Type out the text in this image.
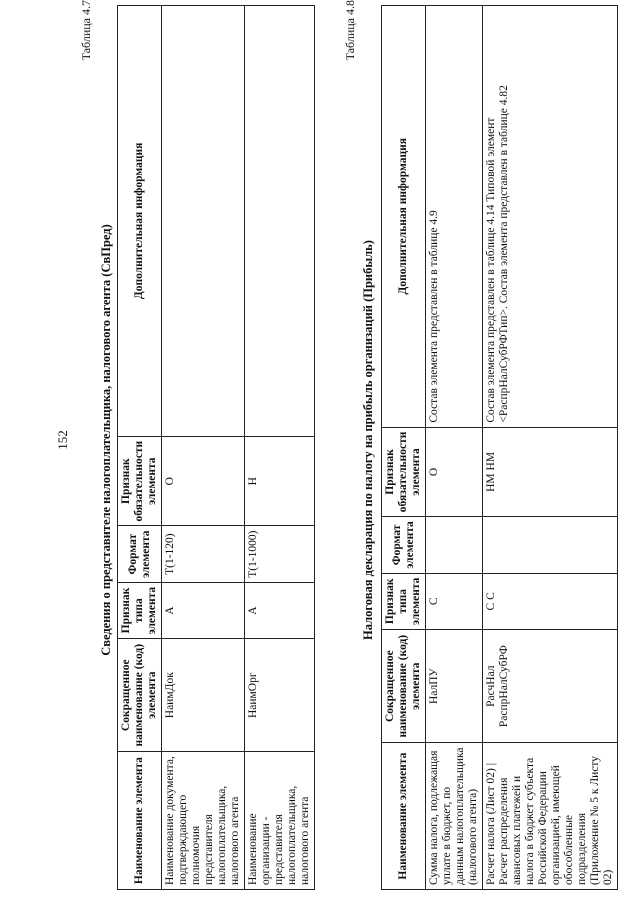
152
Таблица 4.7
Сведения о представителе налогоплательщика, налогового агента (СвПред)
Наименование элемента	Сокращенное наименование (код) элемента	Признак типа элемента	Формат элемента	Признак обязательности элемента	Дополнительная информация
Наименование документа, подтверждающего полномочия представителя налогоплательщика, налогового агента	НаимДок	А	T(1-120)	О	
Наименование организации - представителя налогоплательщика, налогового агента	НаимОрг	А	T(1-1000)	Н	
Таблица 4.8
Налоговая декларация по налогу на прибыль организаций (Прибыль)
Наименование элемента	Сокращенное наименование (код) элемента	Признак типа элемента	Формат элемента	Признак обязательности элемента	Дополнительная информация
Сумма налога, подлежащая уплате в бюджет, по данным налогоплательщика (налогового агента)	НалПУ	С		О	Состав элемента представлен в таблице 4.9
Расчет налога (Лист 02) | Расчет распределения авансовых платежей и налога в бюджет субъекта Российской Федерации организацией, имеющей обособленные подразделения (Приложение № 5 к Листу 02)	РасчНал РаспрНалСубРФ	С С		НМ НМ	Состав элемента представлен в таблице 4.14 Типовой элемент <РаспрНалСубРФТип>. Состав элемента представлен в таблице 4.82
